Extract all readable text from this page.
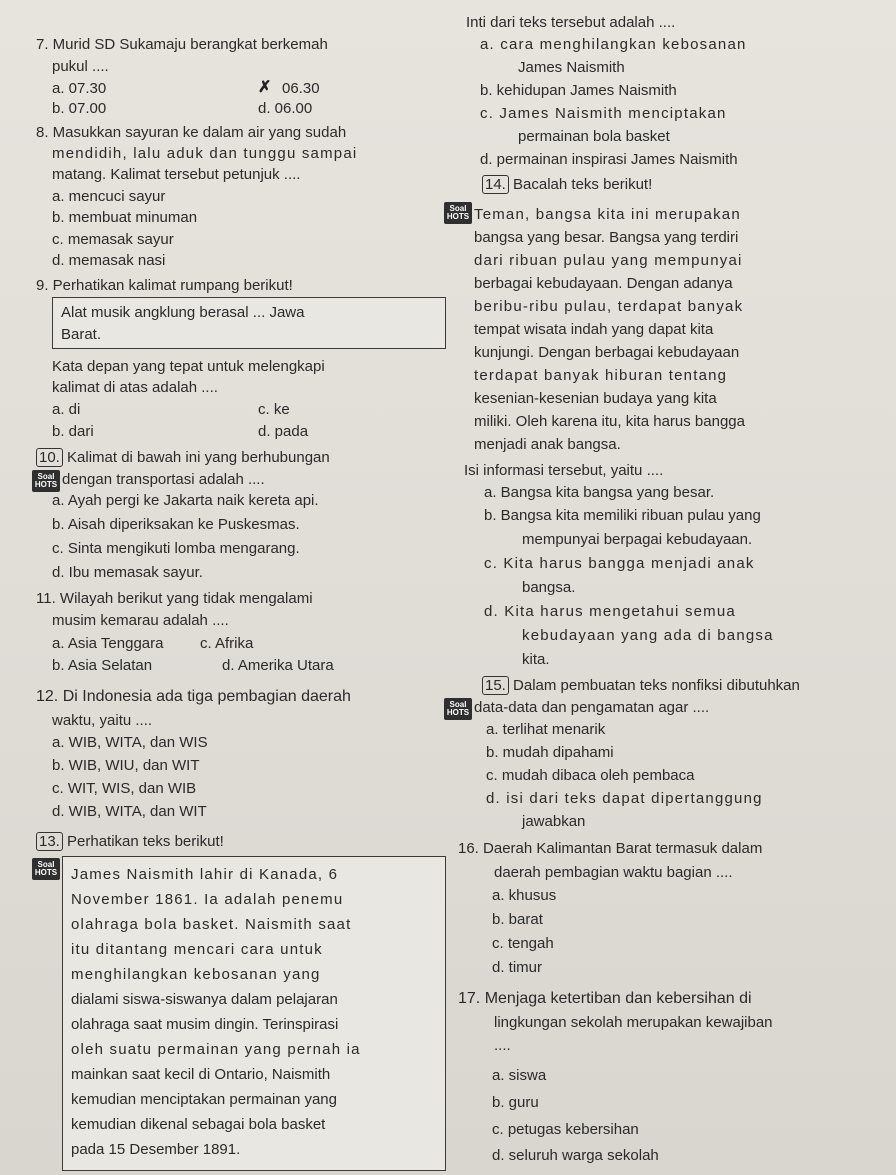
7. Murid SD Sukamaju berangkat berkemah
pukul ....
a. 07.30	✗ 06.30
b. 07.00	d. 06.00
8. Masukkan sayuran ke dalam air yang sudah
mendidih, lalu aduk dan tunggu sampai
matang. Kalimat tersebut petunjuk ....
a. mencuci sayur
b. membuat minuman
c. memasak sayur
d. memasak nasi
9. Perhatikan kalimat rumpang berikut!
Alat musik angklung berasal ... Jawa
Barat.
Kata depan yang tepat untuk melengkapi
kalimat di atas adalah ....
a. di	c. ke
b. dari	d. pada
10. Kalimat di bawah ini yang berhubungan
Soal
HOTS dengan transportasi adalah ....
a. Ayah pergi ke Jakarta naik kereta api.
b. Aisah diperiksakan ke Puskesmas.
c. Sinta mengikuti lomba mengarang.
d. Ibu memasak sayur.
11. Wilayah berikut yang tidak mengalami
musim kemarau adalah ....
a. Asia Tenggara c. Afrika
b. Asia Selatan	d. Amerika Utara
12. Di Indonesia ada tiga pembagian daerah
waktu, yaitu ....
a. WIB, WITA, dan WIS
b. WIB, WIU, dan WIT
c. WIT, WIS, dan WIB
d. WIB, WITA, dan WIT
13. Perhatikan teks berikut!
Soal
HOTS James Naismith lahir di Kanada, 6
November 1861. Ia adalah penemu
olahraga bola basket. Naismith saat
itu ditantang mencari cara untuk
menghilangkan kebosanan yang
dialami siswa-siswanya dalam pelajaran
olahraga saat musim dingin. Terinspirasi
oleh suatu permainan yang pernah ia
mainkan saat kecil di Ontario, Naismith
kemudian menciptakan permainan yang
kemudian dikenal sebagai bola basket
pada 15 Desember 1891.
Inti dari teks tersebut adalah ....
a. cara menghilangkan kebosanan
James Naismith
b. kehidupan James Naismith
c. James Naismith menciptakan
permainan bola basket
d. permainan inspirasi James Naismith
14. Bacalah teks berikut!
Soal
HOTS Teman, bangsa kita ini merupakan
bangsa yang besar. Bangsa yang terdiri
dari ribuan pulau yang mempunyai
berbagai kebudayaan. Dengan adanya
beribu-ribu pulau, terdapat banyak
tempat wisata indah yang dapat kita
kunjungi. Dengan berbagai kebudayaan
terdapat banyak hiburan tentang
kesenian-kesenian budaya yang kita
miliki. Oleh karena itu, kita harus bangga
menjadi anak bangsa.
Isi informasi tersebut, yaitu ....
a. Bangsa kita bangsa yang besar.
b. Bangsa kita memiliki ribuan pulau yang
mempunyai berpagai kebudayaan.
c. Kita harus bangga menjadi anak
bangsa.
d. Kita harus mengetahui semua
kebudayaan yang ada di bangsa
kita.
15. Dalam pembuatan teks nonfiksi dibutuhkan
Soal
HOTS data-data dan pengamatan agar ....
a. terlihat menarik
b. mudah dipahami
c. mudah dibaca oleh pembaca
d. isi dari teks dapat dipertanggung
jawabkan
16. Daerah Kalimantan Barat termasuk dalam
daerah pembagian waktu bagian ....
a. khusus
b. barat
c. tengah
d. timur
17. Menjaga ketertiban dan kebersihan di
lingkungan sekolah merupakan kewajiban
....
a. siswa
b. guru
c. petugas kebersihan
d. seluruh warga sekolah
